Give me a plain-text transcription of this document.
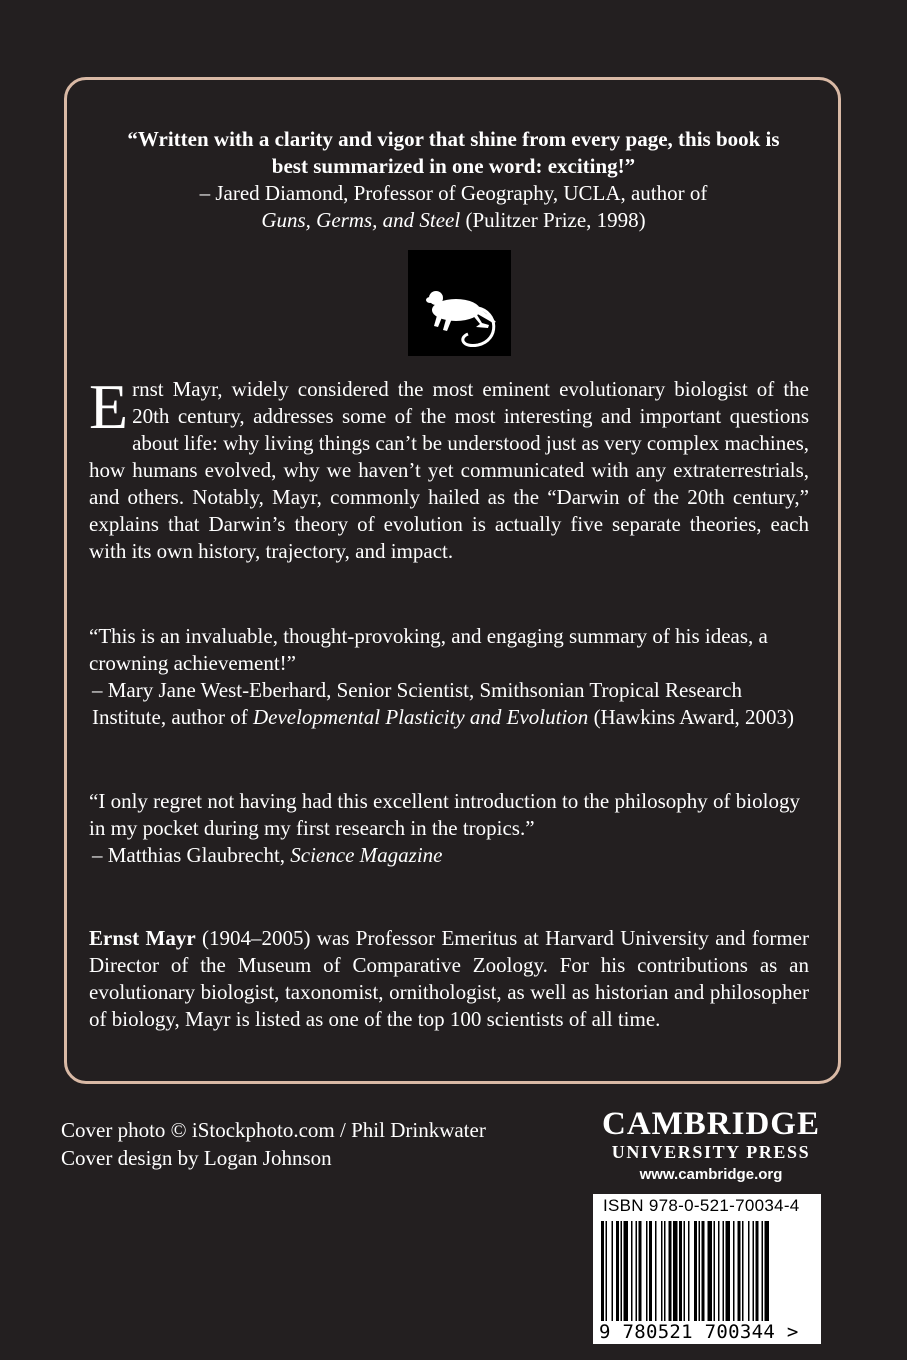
“Written with a clarity and vigor that shine from every page, this book is
best summarized in one word: exciting!”
– Jared Diamond, Professor of Geography, UCLA, author of
Guns, Germs, and Steel (Pulitzer Prize, 1998)
Ernst Mayr, widely considered the most eminent evolutionary biologist of the 20th century, addresses some of the most interesting and important questions about life: why living things can’t be understood just as very complex machines, how humans evolved, why we haven’t yet communicated with any extraterrestrials, and others. Notably, Mayr, commonly hailed as the “Darwin of the 20th century,” explains that Darwin’s theory of evolution is actually five separate theories, each with its own history, trajectory, and impact.
“This is an invaluable, thought-provoking, and engaging summary of his ideas, a crowning achievement!”
– Mary Jane West-Eberhard, Senior Scientist, Smithsonian Tropical Research Institute, author of Developmental Plasticity and Evolution (Hawkins Award, 2003)
“I only regret not having had this excellent introduction to the philosophy of biology in my pocket during my first research in the tropics.”
– Matthias Glaubrecht, Science Magazine
Ernst Mayr (1904–2005) was Professor Emeritus at Harvard University and former Director of the Museum of Comparative Zoology. For his contributions as an evolutionary biologist, taxonomist, ornithologist, as well as historian and philosopher of biology, Mayr is listed as one of the top 100 scientists of all time.
Cover photo © iStockphoto.com / Phil Drinkwater
Cover design by Logan Johnson
CAMBRIDGE
UNIVERSITY PRESS
www.cambridge.org
ISBN 978-0-521-70034-4
9 780521 700344 >
